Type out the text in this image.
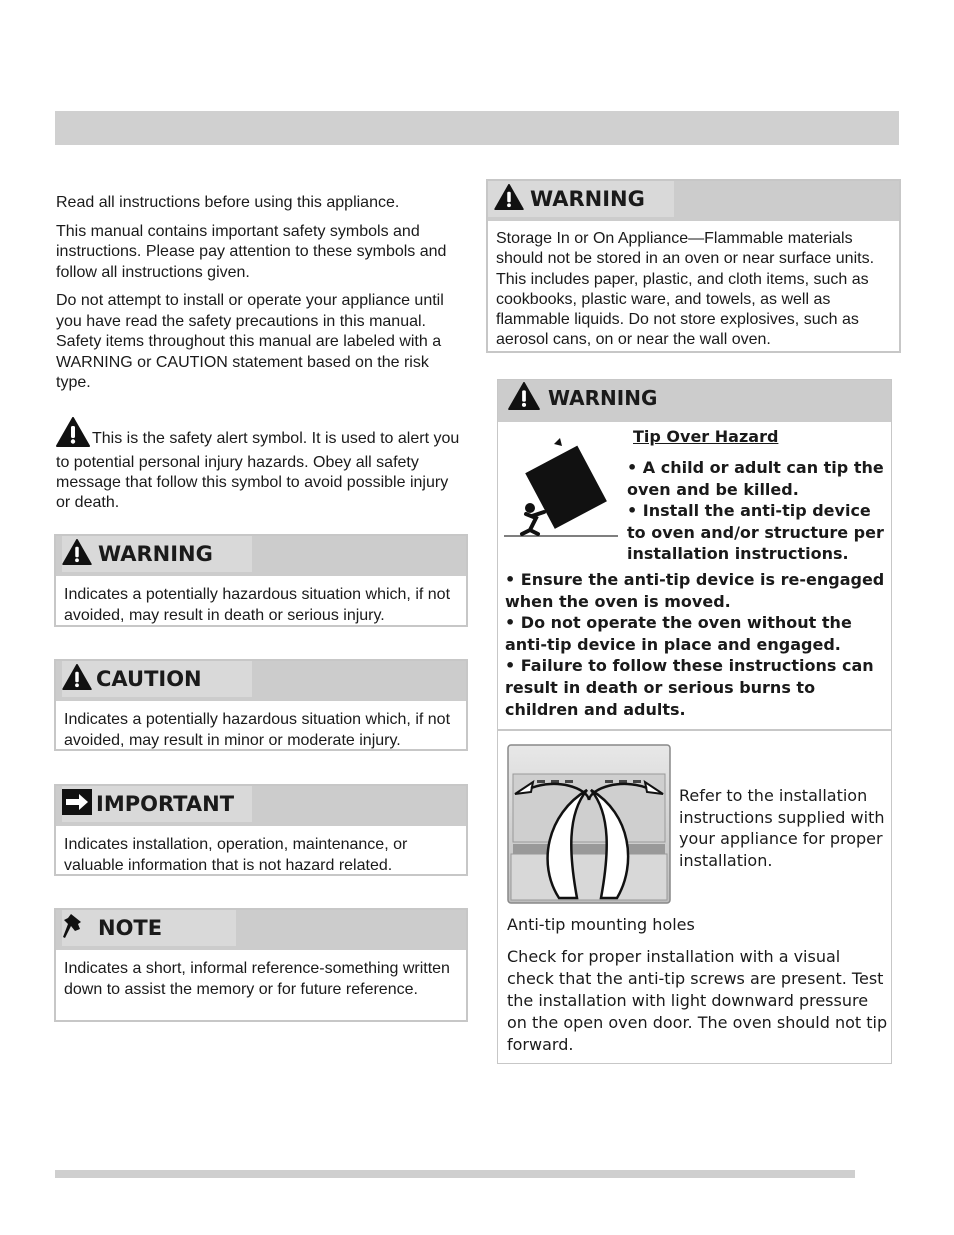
Read all instructions before using this appliance.

This manual contains important safety symbols and instructions. Please pay attention to these symbols and follow all instructions given.

Do not attempt to install or operate your appliance until you have read the safety precautions in this manual. Safety items throughout this manual are labeled with a WARNING or CAUTION statement based on the risk type.

This is the safety alert symbol. It is used to alert you to potential personal injury hazards. Obey all safety message that follow this symbol to avoid possible injury or death.
WARNING
Indicates a potentially hazardous situation which, if not avoided, may result in death or serious injury.
CAUTION
Indicates a potentially hazardous situation which, if not avoided, may result in minor or moderate injury.
IMPORTANT
Indicates installation, operation, maintenance, or valuable information that is not hazard related.
NOTE
Indicates a short, informal reference-something written down to assist the memory or for future reference.
WARNING
Storage In or On Appliance—Flammable materials should not be stored in an oven or near surface units. This includes paper, plastic, and cloth items, such as cookbooks, plastic ware, and towels, as well as flammable liquids. Do not store explosives, such as aerosol cans, on or near the wall oven.
WARNING
Tip Over Hazard
• A child or adult can tip the oven and be killed.
• Install the anti-tip device to oven and/or structure per installation instructions.
• Ensure the anti-tip device is re-engaged when the oven is moved.
• Do not operate the oven without the anti-tip device in place and engaged.
• Failure to follow these instructions can result in death or serious burns to children and adults.
Refer to the installation instructions supplied with your appliance for proper installation.
Anti-tip mounting holes
Check for proper installation with a visual check that the anti-tip screws are present. Test the installation with light downward pressure on the open oven door. The oven should not tip forward.
